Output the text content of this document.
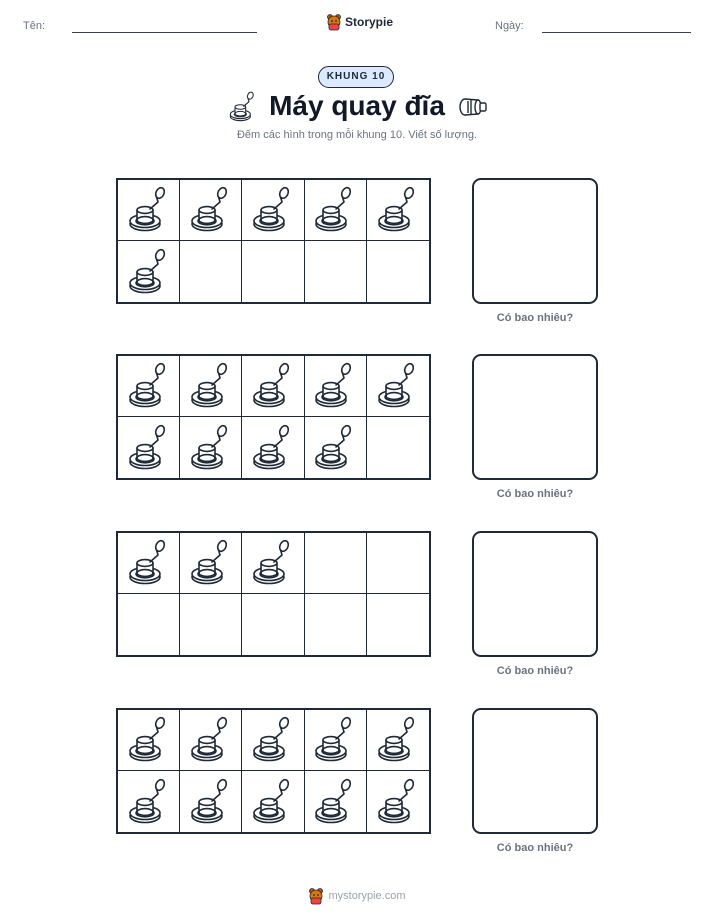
Tên:	Storypie	Ngày:
KHUNG 10
Máy quay đĩa
Đếm các hình trong mỗi khung 10. Viết số lượng.
Có bao nhiêu?
Có bao nhiêu?
Có bao nhiêu?
Có bao nhiêu?
mystorypie.com
